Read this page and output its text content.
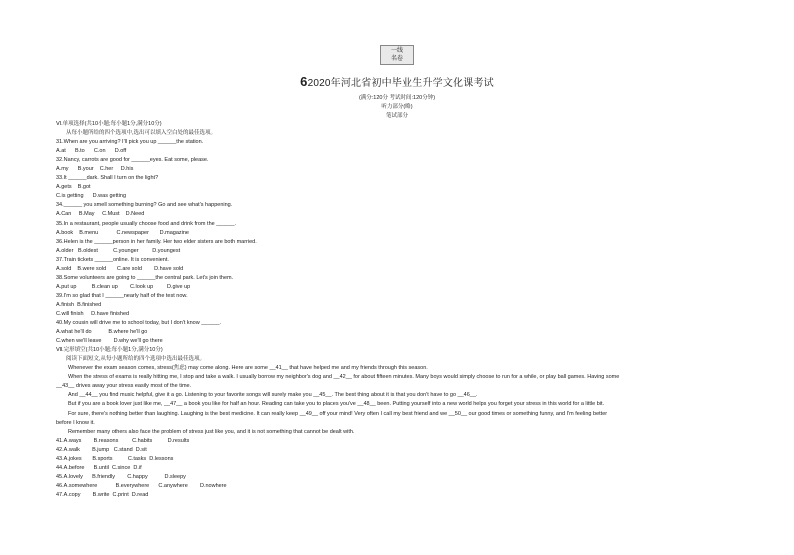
一线
名卷
62020年河北省初中毕业生升学文化课考试
(满分:120分 考试时间:120分钟)
听力部分(略)
笔试部分
Ⅵ.单项选择(共10小题;每小题1分,满分10分)
从每小题所给的四个选项中,选出可以填入空白处的最佳选项。
31.When are you arriving? I'll pick you up ______the station.
A.at      B.to      C.on      D.off
32.Nancy, carrots are good for ______eyes. Eat some, please.
A.my      B.your    C.her     D.his
33.It ______dark. Shall I turn on the light?
A.gets    B.got
C.is getting      D.was getting
34.______ you smell something burning? Go and see what's happening.
A.Can     B.May     C.Must    D.Need
35.In a restaurant, people usually choose food and drink from the ______.
A.book    B.menu            C.newspaper       D.magazine
36.Helen is the ______person in her family. Her two elder sisters are both married.
A.older   B.oldest          C.younger         D.youngest
37.Train tickets ______online. It is convenient.
A.sold    B.were sold       C.are sold        D.have sold
38.Some volunteers are going to ______the central park. Let's join them.
A.put up          B.clean up        C.look up         D.give up
39.I'm so glad that I ______nearly half of the test now.
A.finish  B.finished
C.will finish     D.have finished
40.My cousin will drive me to school today, but I don't know ______.
A.what he'll do           B.where he'll go
C.when we'll leave        D.why we'll go there
Ⅶ.完形填空(共10小题;每小题1分,满分10分)
阅读下面短文,从每小题所给的四个选项中选出最佳选项。
Whenever the exam season comes, stress(焦虑) may come along. Here are some __41__ that have helped me and my friends through this season.
When the stress of exams is really hitting me, I stop and take a walk. I usually borrow my neighbor's dog and __42__ for about fifteen minutes. Many boys would simply choose to run for a while, or play ball games. Having some
__43__ drives away your stress easily most of the time.
And __44__ you find music helpful, give it a go. Listening to your favorite songs will surely make you __45__. The best thing about it is that you don't have to go __46__.
But if you are a book lover just like me, __47__ a book you like for half an hour. Reading can take you to places you've __48__ been. Putting yourself into a new world helps you forget your stress in this world for a little bit.
For sure, there's nothing better than laughing. Laughing is the best medicine. It can really keep __49__ off your mind! Very often I call my best friend and we __50__ our good times or something funny, and I'm feeling better
before I know it.
Remember many others also face the problem of stress just like you, and it is not something that cannot be dealt with.
41.A.ways        B.reasons         C.habits          D.results
42.A.walk        B.jump   C.stand  D.sit
43.A.jokes       B.sports          C.tasks  D.lessons
44.A.before      B.until  C.since  D.if
45.A.lovely      B.friendly        C.happy           D.sleepy
46.A.somewhere            B.everywhere      C.anywhere        D.nowhere
47.A.copy        B.write  C.print  D.read
